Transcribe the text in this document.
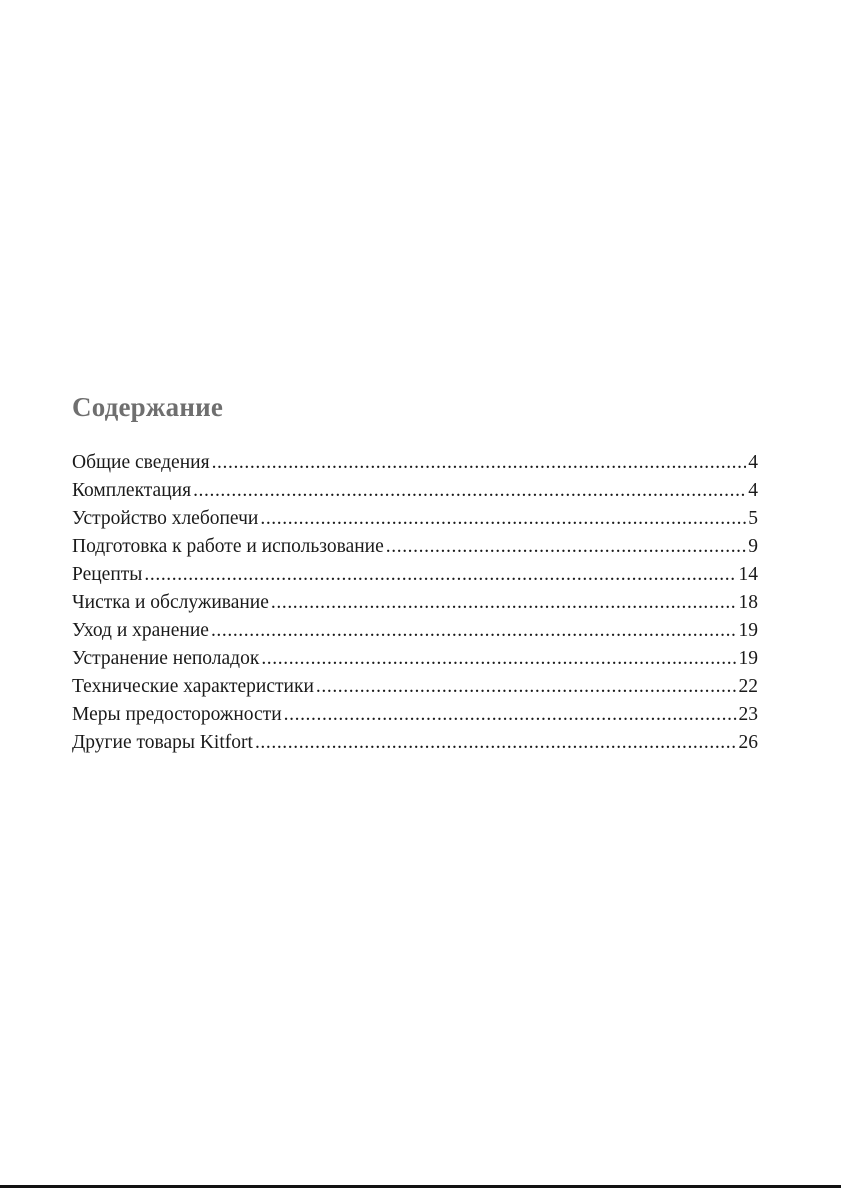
Содержание
Общие сведения .....	4
Комплектация .....	4
Устройство хлебопечи .....	5
Подготовка к работе и использование .....	9
Рецепты .....	14
Чистка и обслуживание .....	18
Уход и хранение .....	19
Устранение неполадок .....	19
Технические характеристики .....	22
Меры предосторожности .....	23
Другие товары Kitfort .....	26
